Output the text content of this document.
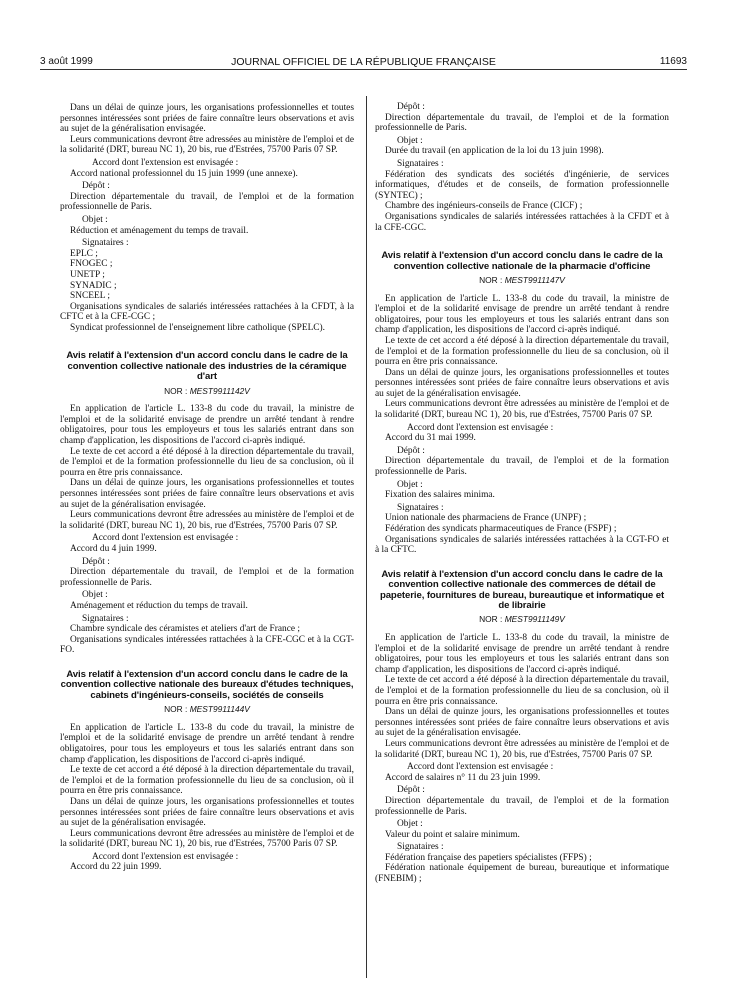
3 août 1999	JOURNAL OFFICIEL DE LA RÉPUBLIQUE FRANÇAISE	11693

Dans un délai de quinze jours, les organisations professionnelles et toutes personnes intéressées sont priées de faire connaître leurs observations et avis au sujet de la généralisation envisagée.

Leurs communications devront être adressées au ministère de l'emploi et de la solidarité (DRT, bureau NC 1), 20 bis, rue d'Estrées, 75700 Paris 07 SP.

Accord dont l'extension est envisagée :

Accord national professionnel du 15 juin 1999 (une annexe).

Dépôt :

Direction départementale du travail, de l'emploi et de la formation professionnelle de Paris.

Objet :

Réduction et aménagement du temps de travail.

Signataires :

EPLC ;

FNOGEC ;

UNETP ;

SYNADIC ;

SNCEEL ;

Organisations syndicales de salariés intéressées rattachées à la CFDT, à la CFTC et à la CFE-CGC ;

Syndicat professionnel de l'enseignement libre catholique (SPELC).

Avis relatif à l'extension d'un accord conclu dans le cadre de la convention collective nationale des industries de la céramique d'art
NOR : MESТ9911142V

En application de l'article L. 133-8 du code du travail, la ministre de l'emploi et de la solidarité envisage de prendre un arrêté tendant à rendre obligatoires, pour tous les employeurs et tous les salariés entrant dans son champ d'application, les dispositions de l'accord ci-après indiqué.

Le texte de cet accord a été déposé à la direction départementale du travail, de l'emploi et de la formation professionnelle du lieu de sa conclusion, où il pourra en être pris connaissance.

Dans un délai de quinze jours, les organisations professionnelles et toutes personnes intéressées sont priées de faire connaître leurs observations et avis au sujet de la généralisation envisagée.

Leurs communications devront être adressées au ministère de l'emploi et de la solidarité (DRT, bureau NC 1), 20 bis, rue d'Estrées, 75700 Paris 07 SP.

Accord dont l'extension est envisagée :

Accord du 4 juin 1999.

Dépôt :

Direction départementale du travail, de l'emploi et de la formation professionnelle de Paris.

Objet :

Aménagement et réduction du temps de travail.

Signataires :

Chambre syndicale des céramistes et ateliers d'art de France ;

Organisations syndicales intéressées rattachées à la CFE-CGC et à la CGT-FO.

Avis relatif à l'extension d'un accord conclu dans le cadre de la convention collective nationale des bureaux d'études techniques, cabinets d'ingénieurs-conseils, sociétés de conseils
NOR : MEST9911144V

En application de l'article L. 133-8 du code du travail, la ministre de l'emploi et de la solidarité envisage de prendre un arrêté tendant à rendre obligatoires, pour tous les employeurs et tous les salariés entrant dans son champ d'application, les dispositions de l'accord ci-après indiqué.

Le texte de cet accord a été déposé à la direction départementale du travail, de l'emploi et de la formation professionnelle du lieu de sa conclusion, où il pourra en être pris connaissance.

Dans un délai de quinze jours, les organisations professionnelles et toutes personnes intéressées sont priées de faire connaître leurs observations et avis au sujet de la généralisation envisagée.

Leurs communications devront être adressées au ministère de l'emploi et de la solidarité (DRT, bureau NC 1), 20 bis, rue d'Estrées, 75700 Paris 07 SP.

Accord dont l'extension est envisagée :

Accord du 22 juin 1999.

Dépôt :

Direction départementale du travail, de l'emploi et de la formation professionnelle de Paris.

Objet :

Durée du travail (en application de la loi du 13 juin 1998).

Signataires :

Fédération des syndicats des sociétés d'ingénierie, de services informatiques, d'études et de conseils, de formation professionnelle (SYNTEC) ;

Chambre des ingénieurs-conseils de France (CICF) ;

Organisations syndicales de salariés intéressées rattachées à la CFDT et à la CFE-CGC.

Avis relatif à l'extension d'un accord conclu dans le cadre de la convention collective nationale de la pharmacie d'officine
NOR : MEST9911147V

En application de l'article L. 133-8 du code du travail, la ministre de l'emploi et de la solidarité envisage de prendre un arrêté tendant à rendre obligatoires, pour tous les employeurs et tous les salariés entrant dans son champ d'application, les dispositions de l'accord ci-après indiqué.

Le texte de cet accord a été déposé à la direction départementale du travail, de l'emploi et de la formation professionnelle du lieu de sa conclusion, où il pourra en être pris connaissance.

Dans un délai de quinze jours, les organisations professionnelles et toutes personnes intéressées sont priées de faire connaître leurs observations et avis au sujet de la généralisation envisagée.

Leurs communications devront être adressées au ministère de l'emploi et de la solidarité (DRT, bureau NC 1), 20 bis, rue d'Estrées, 75700 Paris 07 SP.

Accord dont l'extension est envisagée :

Accord du 31 mai 1999.

Dépôt :

Direction départementale du travail, de l'emploi et de la formation professionnelle de Paris.

Objet :

Fixation des salaires minima.

Signataires :

Union nationale des pharmaciens de France (UNPF) ;

Fédération des syndicats pharmaceutiques de France (FSPF) ;

Organisations syndicales de salariés intéressées rattachées à la CGT-FO et à la CFTC.

Avis relatif à l'extension d'un accord conclu dans le cadre de la convention collective nationale des commerces de détail de papeterie, fournitures de bureau, bureautique et informatique et de librairie
NOR : MEST9911149V

En application de l'article L. 133-8 du code du travail, la ministre de l'emploi et de la solidarité envisage de prendre un arrêté tendant à rendre obligatoires, pour tous les employeurs et tous les salariés entrant dans son champ d'application, les dispositions de l'accord ci-après indiqué.

Le texte de cet accord a été déposé à la direction départementale du travail, de l'emploi et de la formation professionnelle du lieu de sa conclusion, où il pourra en être pris connaissance.

Dans un délai de quinze jours, les organisations professionnelles et toutes personnes intéressées sont priées de faire connaître leurs observations et avis au sujet de la généralisation envisagée.

Leurs communications devront être adressées au ministère de l'emploi et de la solidarité (DRT, bureau NC 1), 20 bis, rue d'Estrées, 75700 Paris 07 SP.

Accord dont l'extension est envisagée :

Accord de salaires n° 11 du 23 juin 1999.

Dépôt :

Direction départementale du travail, de l'emploi et de la formation professionnelle de Paris.

Objet :

Valeur du point et salaire minimum.

Signataires :

Fédération française des papetiers spécialistes (FFPS) ;

Fédération nationale équipement de bureau, bureautique et informatique (FNEBIM) ;
